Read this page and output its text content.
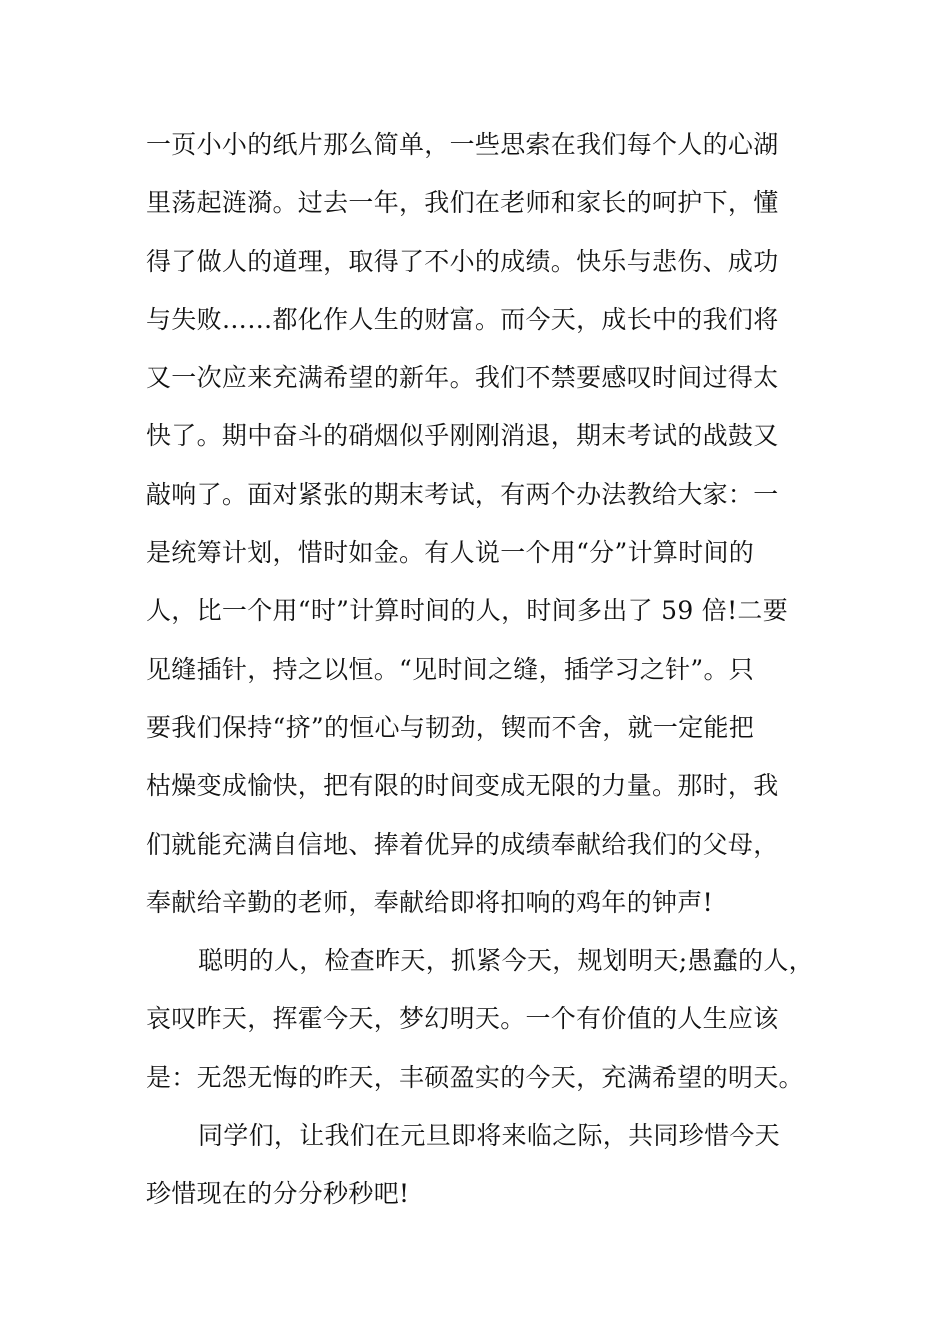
一页小小的纸片那么简单，一些思索在我们每个人的心湖
里荡起涟漪。过去一年，我们在老师和家长的呵护下，懂
得了做人的道理，取得了不小的成绩。快乐与悲伤、成功
与失败……都化作人生的财富。而今天，成长中的我们将
又一次应来充满希望的新年。我们不禁要感叹时间过得太
快了。期中奋斗的硝烟似乎刚刚消退，期末考试的战鼓又
敲响了。面对紧张的期末考试，有两个办法教给大家：一
是统筹计划，惜时如金。有人说一个用“分”计算时间的
人，比一个用“时”计算时间的人，时间多出了 59 倍!二要
见缝插针，持之以恒。“见时间之缝，插学习之针”。只
要我们保持“挤”的恒心与韧劲，锲而不舍，就一定能把
枯燥变成愉快，把有限的时间变成无限的力量。那时，我
们就能充满自信地、捧着优异的成绩奉献给我们的父母，
奉献给辛勤的老师，奉献给即将扣响的鸡年的钟声!
聪明的人，检查昨天，抓紧今天，规划明天;愚蠢的人，
哀叹昨天，挥霍今天，梦幻明天。一个有价值的人生应该
是：无怨无悔的昨天，丰硕盈实的今天，充满希望的明天。
同学们，让我们在元旦即将来临之际，共同珍惜今天
珍惜现在的分分秒秒吧!
